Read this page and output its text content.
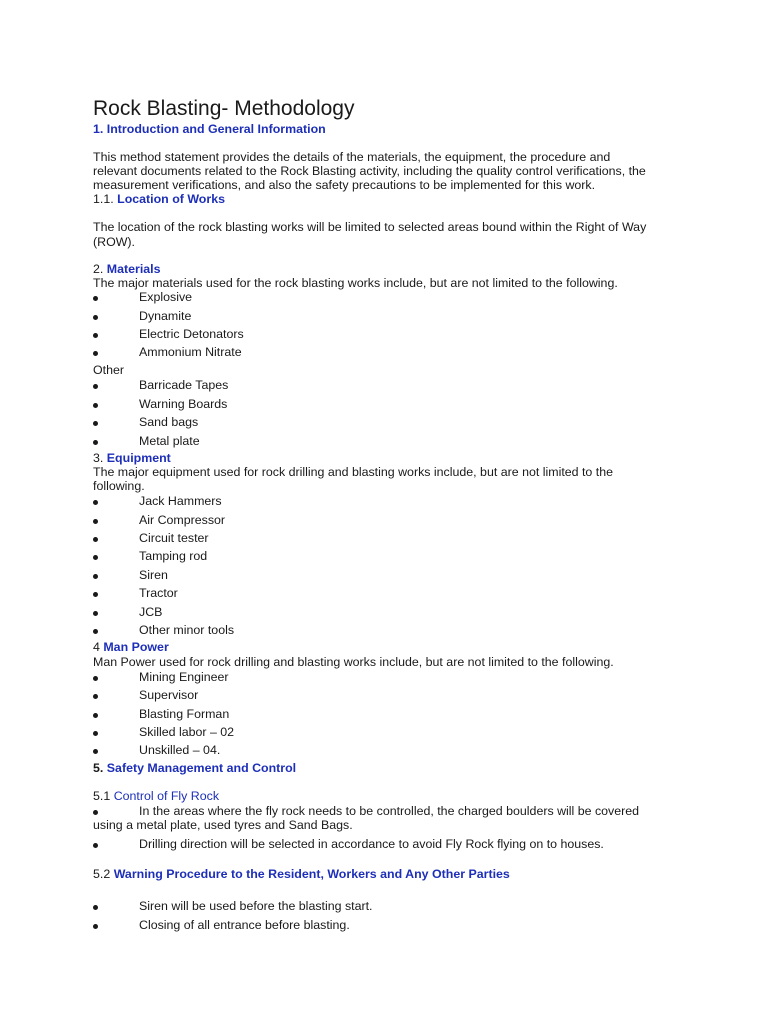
Rock Blasting- Methodology
1. Introduction and General Information
This method statement provides the details of the materials, the equipment, the procedure and
relevant documents related to the Rock Blasting activity, including the quality control verifications, the
measurement verifications, and also the safety precautions to be implemented for this work.
1.1. Location of Works
The location of the rock blasting works will be limited to selected areas bound within the Right of Way
(ROW).
2. Materials
The major materials used for the rock blasting works include, but are not limited to the following.
Explosive
Dynamite
Electric Detonators
Ammonium Nitrate
Other
Barricade Tapes
Warning Boards
Sand bags
Metal plate
3. Equipment
The major equipment used for rock drilling and blasting works include, but are not limited to the
following.
Jack Hammers
Air Compressor
Circuit tester
Tamping rod
Siren
Tractor
JCB
Other minor tools
4 Man Power
Man Power used for rock drilling and blasting works include, but are not limited to the following.
Mining Engineer
Supervisor
Blasting Forman
Skilled labor – 02
Unskilled – 04.
5. Safety Management and Control
5.1 Control of Fly Rock
In the areas where the fly rock needs to be controlled, the charged boulders will be covered
using a metal plate, used tyres and Sand Bags.
Drilling direction will be selected in accordance to avoid Fly Rock flying on to houses.
5.2 Warning Procedure to the Resident, Workers and Any Other Parties
Siren will be used before the blasting start.
Closing of all entrance before blasting.
